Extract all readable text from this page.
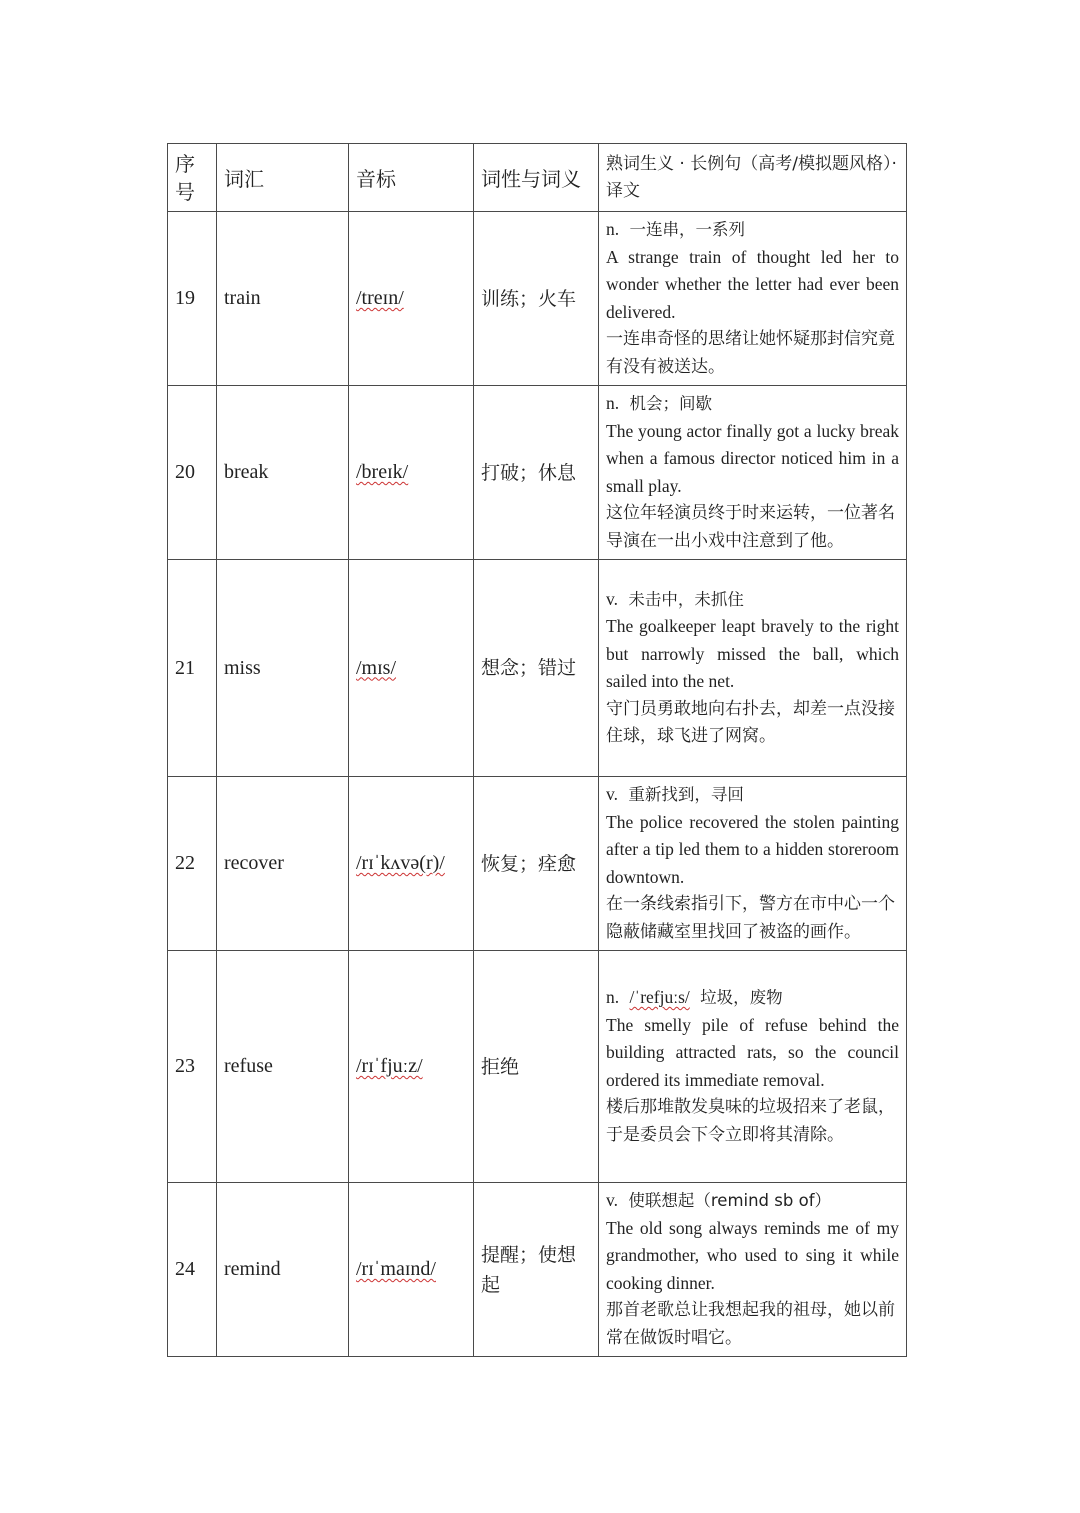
序号	词汇	音标	词性与词义	熟词生义 · 长例句（高考/模拟题风格）· 译文
19	train	/treɪn/	训练；火车	n. 一连串，一系列
A strange train of thought led her to wonder whether the letter had ever been delivered.
一连串奇怪的思绪让她怀疑那封信究竟有没有被送达。

20	break	/breɪk/	打破；休息	n. 机会；间歇
The young actor finally got a lucky break when a famous director noticed him in a small play.
这位年轻演员终于时来运转，一位著名导演在一出小戏中注意到了他。

21	miss	/mɪs/	想念；错过	v. 未击中，未抓住
The goalkeeper leapt bravely to the right but narrowly missed the ball, which sailed into the net.
守门员勇敢地向右扑去，却差一点没接住球，球飞进了网窝。

22	recover	/rɪˈkʌvə(r)/	恢复；痊愈	v. 重新找到，寻回
The police recovered the stolen painting after a tip led them to a hidden storeroom downtown.
在一条线索指引下，警方在市中心一个隐蔽储藏室里找回了被盗的画作。

23	refuse	/rɪˈfjuːz/	拒绝	n. /ˈrefjuːs/ 垃圾，废物
The smelly pile of refuse behind the building attracted rats, so the council ordered its immediate removal.
楼后那堆散发臭味的垃圾招来了老鼠，于是委员会下令立即将其清除。

24	remind	/rɪˈmaɪnd/	提醒；使想起	v. 使联想起（remind sb of）
The old song always reminds me of my grandmother, who used to sing it while cooking dinner.
那首老歌总让我想起我的祖母，她以前常在做饭时唱它。
